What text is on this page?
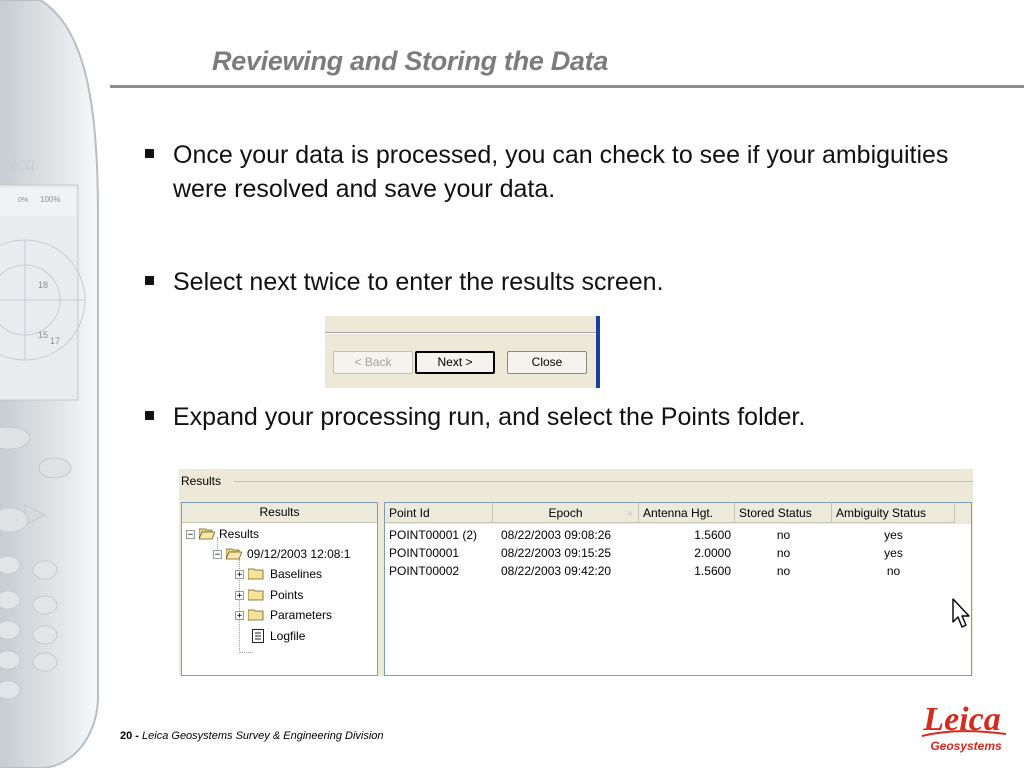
eica
100%
0%
18
15
17
Reviewing and Storing the Data
Once your data is processed, you can check to see if your ambiguities were resolved and save your data.
Select next twice to enter the results screen.
< Back	Next >	Close
Expand your processing run, and select the Points folder.
Results
Results
− Results
− 09/12/2003 12:08:1
+ Baselines
+ Points
+ Parameters
Logfile
Point Id	Epoch	▵ Antenna Hgt.	Stored Status	Ambiguity Status
POINT00001 (2) 08/22/2003 09:08:26	1.5600	no	yes
POINT00001	08/22/2003 09:15:25	2.0000	no	yes
POINT00002	08/22/2003 09:42:20	1.5600	no	no
20 - Leica Geosystems Survey & Engineering Division	Leica
Geosystems
